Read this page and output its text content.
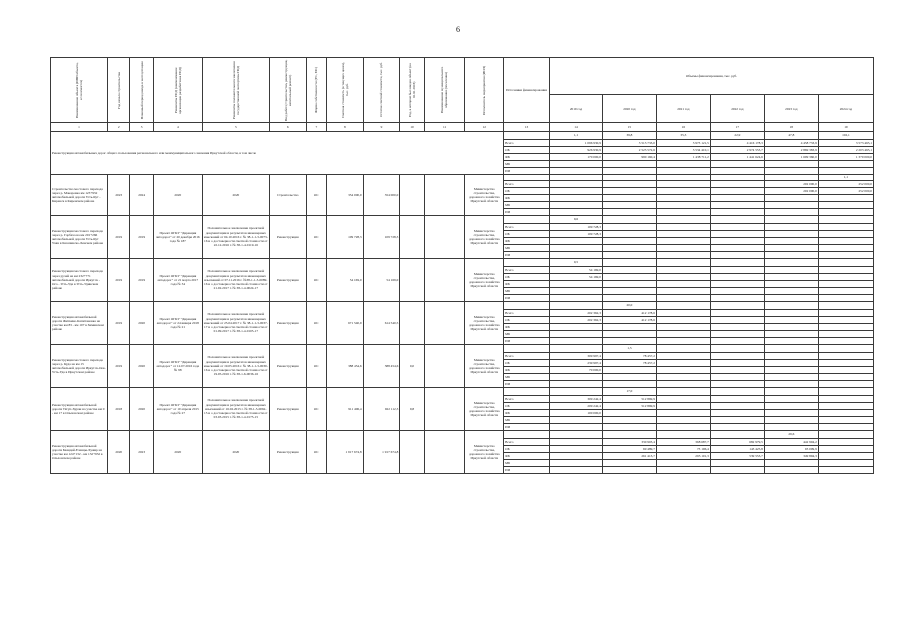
6
Наименование объекта (ИНН объекта, если имеется)	Год начала строительства	Плановый период ввода в эксплуатацию	Реквизиты ПСД (наименование организации разработчика ПСД)	Реквизиты положительного заключения государственной экспертизы ПСД	Вид работ (строительство, реконструкция, капитальный ремонт)	Форма собственности (ГС, МС)	Сметная стоимость (в текущих ценах), тыс. руб.	Остаток сметной стоимости, тыс. руб.	Год, в котором был введен объект (на 01.01.2018)	Наименование муниципального образования (поселения)	Исполнитель мероприятия (ИСП)	Источники финансирования	Объемы финансирования, тыс. руб.					
													2019 год	2020 год	2021 год	2022 год	2023 год	2024 год
1	2	3	4	5	6	7	8	9	10	11	12	13	14	15	16	17	18	19
Реконструкция автомобильных дорог общего пользования регионального или межмуниципального значения Иркутской области, в том числе													1,1	39,8	35,3	22,9	47,8	102,1
												Всего	1 096 930,9	3 513 733,0	3 973 121,5	4 416 178,3	4 458 733,9	3 573 463,1
												ОБ	926 930,9	2 523 572,6	3 534 410,1	2 974 553,7	2 869 383,9	2 203 463,1
												ФБ	170 000,0	990 160,4	1 438 711,2	1 441 624,6	1 609 360,0	1 370 000,0
												МБ						
												ИИ						
Строительство мостового перехода через р. Макаровка км 123+932 автомобильной дороги Усть-Кут - Киренск в Киренском районе	2023	2024	2020	2020	Строительство	ОС	354 000,0	354 000,0			Министерство строительства, дорожного хозяйства Иркутской области							1,1
												Всего					202 000,0	252 000,0
												ОБ					202 000,0	252 000,0
												ФБ						
												МБ						
												ИИ						
Реконструкция мостового перехода через р. Горбаха на км 201+266 автомобильной дороги Усть-Кут Уоян в Казачинско-Ленском районе	2019	2019	Проект ОГКУ "Дирекция автодорог" от 20 декабря 2016 года № 187	Положительное заключение проектной документации и результатов инженерных изысканий от 04.10.2016 г. № 38-1-1-3-0073-16 и о достоверности сметной стоимости от 22.12.2016 г. № 38-1-4-0119-16	Реконструкция	ОС	109 728,3	109 728,3			Министерство строительства, дорожного хозяйства Иркутской области		9,6					
												Всего	109 728,3					
												ОБ	109 728,3					
												ФБ						
												МБ						
												ИИ						
Реконструкция мостового перехода через ручей на км 232+771 автомобильной дороги Иркутск - Оса - Усть-Уда в Усть-Удинском районе	2019	2019	Проект ОГКУ "Дирекция автодорог" от 21 марта 2017 года № 34	Положительное заключение проектной документации и результатов инженерных изысканий от 07.11.2016 г. №38-1-1-3-0089-16 и о достоверности сметной стоимости от 21.02.2017 г. № 38-1-4-0024-17	Реконструкция	ОС	54 169,0	54 169,0			Министерство строительства, дорожного хозяйства Иркутской области		0,5					
												Всего	54 169,0					
												ОБ	54 169,0					
												ФБ						
												МБ						
												ИИ						
Реконструкция автомобильной дороги Житкино-Капитановка на участке км 83 - км 107 в Зиминском районе	2019	2020	Проект ОГКУ "Дирекция автодорог" от 24 января 2018 года № 21	Положительное заключение проектной документации и результатов инженерных изысканий от 25.04.2017 г. № 38-1-1-3-0037-17 и о достоверности сметной стоимости от 01.09.2017 г. № 38-1-4-0105-17	Реконструкция	ОС	671 540,9	614 540,5			Министерство строительства, дорожного хозяйства Иркутской области			20,0				
												Всего	202 362,3	412 178,6				
												ОБ	202 362,3	412 178,6				
												ФБ						
												МБ						
												ИИ						
Реконструкция мостового перехода через р. Куда на км 15 автомобильной дороги Иркутск-Оек-Усть-Уда в Иркутском районе	2019	2020	Проект ОГКУ "Дирекция автодорог" от 12.07.2016 года № 98	Положительное заключение проектной документации и результатов инженерных изысканий от 19.05.2016 г. № 38-1-1-3-0030-16 и о достоверности сметной стоимости от 19.05.2016 г. № 38-1-6-0036-16	Реконструкция	ОС	388 454,6	388 454,6	0,0		Министерство строительства, дорожного хозяйства Иркутской области			1,5				
												Всего	309 997,4	78 457,2				
												ОБ	239 997,4	78 457,2				
												ФБ	70 000,0					
												МБ						
												ИИ						
Реконструкция автомобильной дороги Тёгуп-Хураи на участке км 0 - км 17 в Ольхонском районе	2018	2020	Проект ОГКУ "Дирекция автодорог" от 10 апреля 2015 года № 27	Положительное заключение проектной документации и результатов инженерных изысканий от 16.02.2015 г. № 38-1-5-0062-15 и о достоверности сметной стоимости от 03.03.2015 г. № 38-1-4-0175-15	Реконструкция	ОС	911 406,4	922 112,3	9,8		Министерство строительства, дорожного хозяйства Иркутской области			17,0				
												Всего	309 242,4	512 869,9				
												ОБ	209 242,4	512 869,9				
												ФБ	100 000,0					
												МБ						
												ИИ						
Реконструкция автомобильной дороги Баяндай-Еланцы-Хужир на участке км 124+132 - км 132+932 в Ольхонском районе	2020	2023	2020	2020	Реконструкция	ОС	1 917 674,8	1 917 674,8			Министерство строительства, дорожного хозяйства Иркутской области						29,6	
												Всего		330 903,4	368 687,7	682 979,5	442 904,2	
												ОБ		69 489,7	73 196,4	143 425,8	93 009,9	
												ФБ		261 413,7	295 101,3	539 553,7	349 894,3	
												МБ						
												ИИ						
